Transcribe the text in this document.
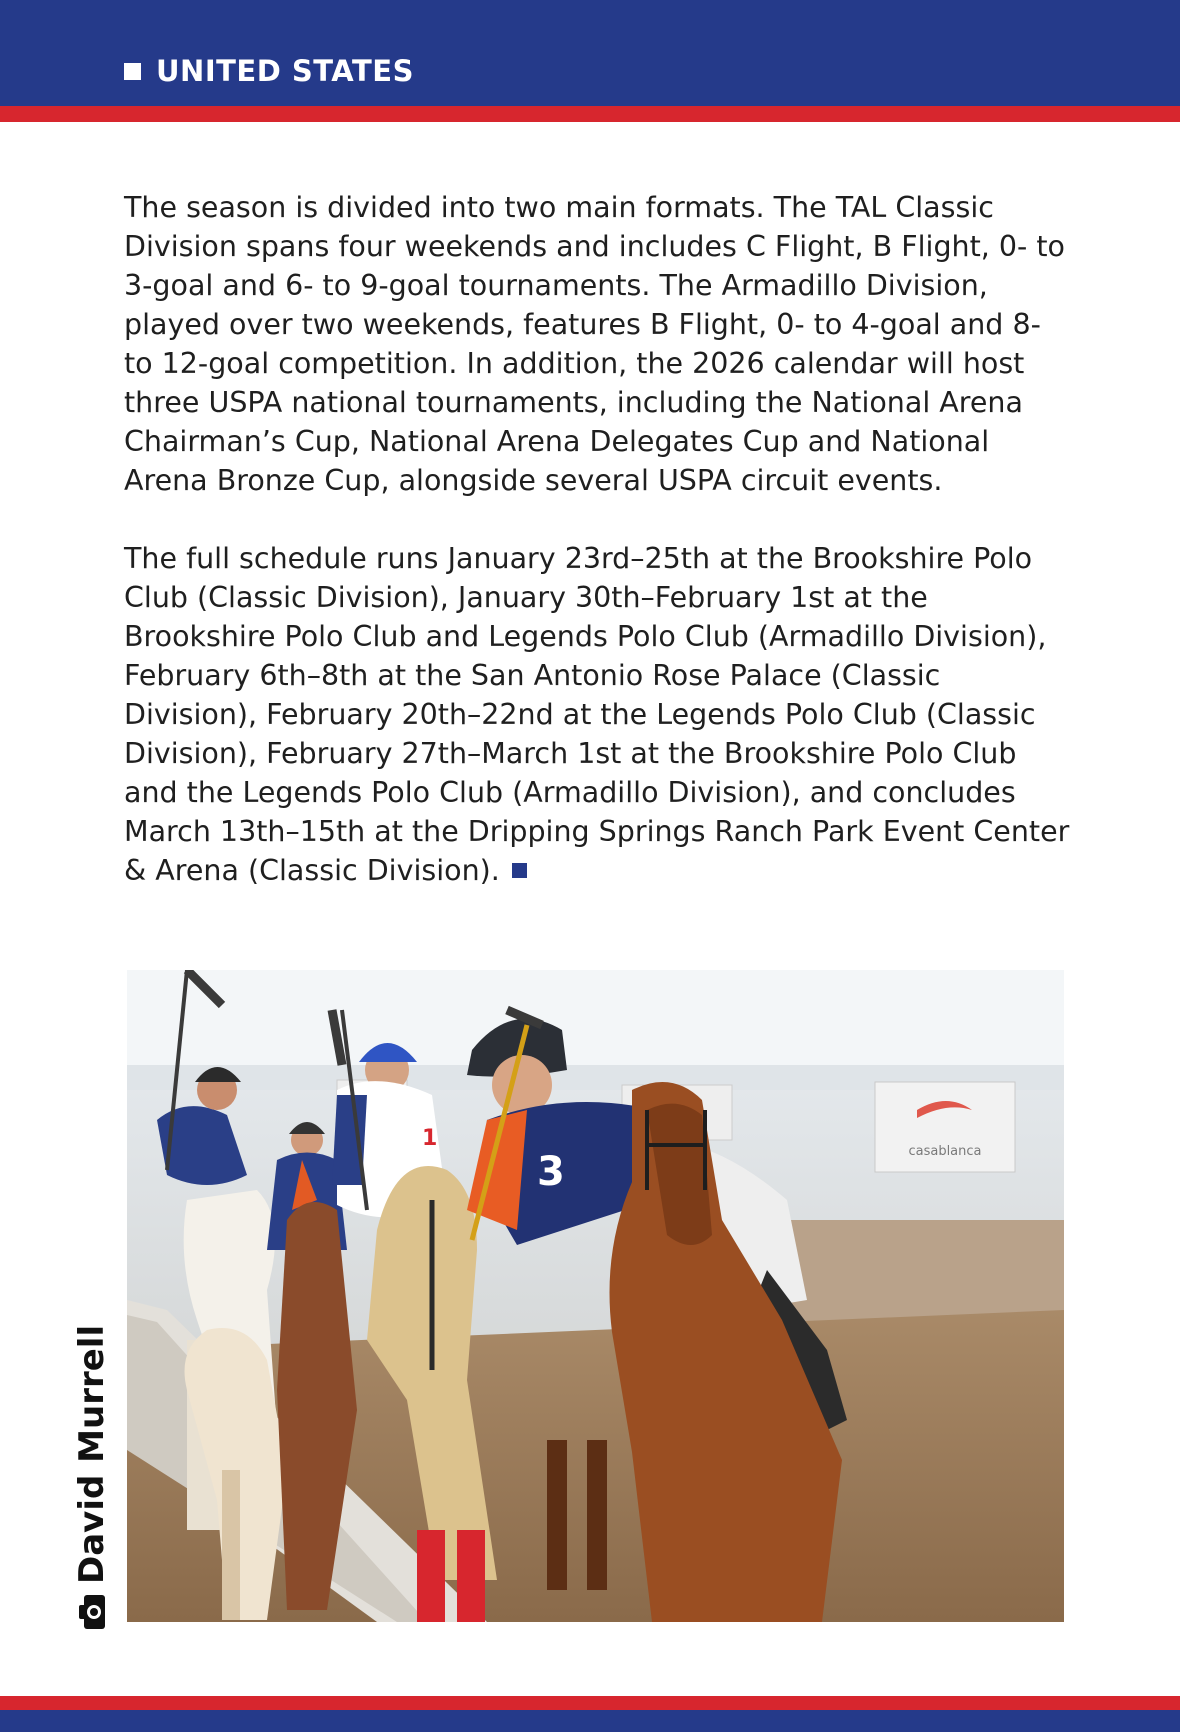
UNITED STATES

The season is divided into two main formats. The TAL Classic Division spans four weekends and includes C Flight, B Flight, 0- to 3-goal and 6- to 9-goal tournaments. The Armadillo Division, played over two weekends, features B Flight, 0- to 4-goal and 8- to 12-goal competition. In addition, the 2026 calendar will host three USPA national tournaments, including the National Arena Chairman’s Cup, National Arena Delegates Cup and National Arena Bronze Cup, alongside several USPA circuit events.

The full schedule runs January 23rd–25th at the Brookshire Polo Club (Classic Division), January 30th–February 1st at the Brookshire Polo Club and Legends Polo Club (Armadillo Division), February 6th–8th at the San Antonio Rose Palace (Classic Division), February 20th–22nd at the Legends Polo Club (Classic Division), February 27th–March 1st at the Brookshire Polo Club and the Legends Polo Club (Armadillo Division), and concludes March 13th–15th at the Dripping Springs Ranch Park Event Center & Arena (Classic Division).

casablanca
1
3
David Murrell
